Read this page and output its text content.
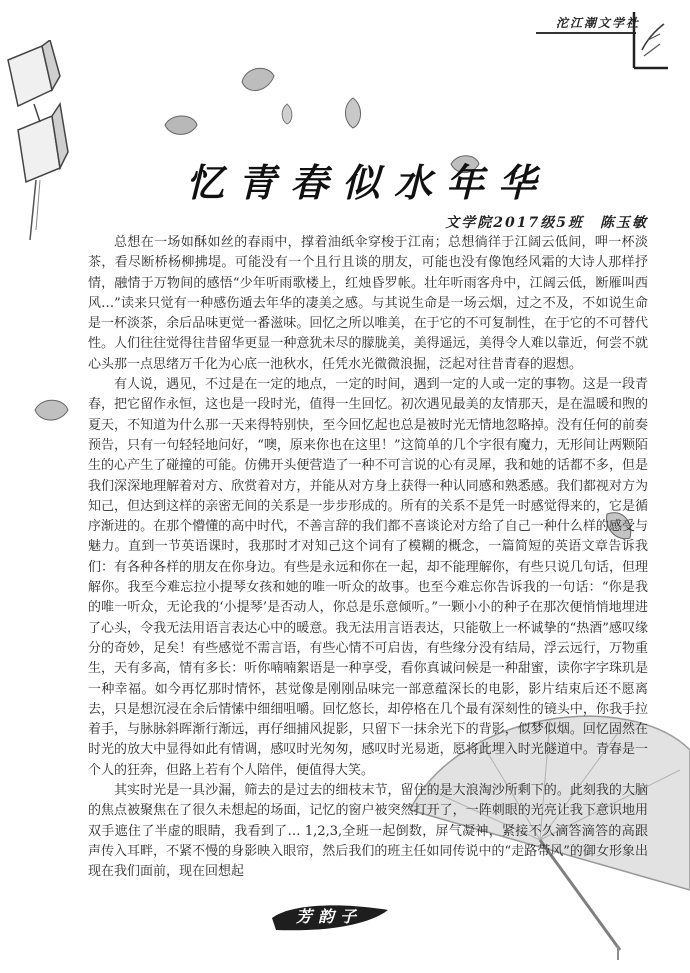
沱江潮文学社
忆青春似水年华
文学院2017级5班　陈玉敏

总想在一场如酥如丝的春雨中，撑着油纸伞穿梭于江南；总想徜徉于江阔云低间，呷一杯淡茶，看尽断桥杨柳拂堤。可能没有一个且行且谈的朋友，可能也没有像饱经风霜的大诗人那样抒情，融情于万物间的感悟“少年听雨歌楼上，红烛昏罗帐。壮年听雨客舟中，江阔云低，断雁叫西风…”读来只觉有一种感伤遁去年华的凄美之感。与其说生命是一场云烟，过之不及，不如说生命是一杯淡茶，余后品味更觉一番滋味。回忆之所以唯美，在于它的不可复制性，在于它的不可替代性。人们往往觉得往昔留华更显一种意犹未尽的朦胧美，美得遥远，美得令人难以靠近，何尝不就心头那一点思绪万千化为心底一池秋水，任凭水光微微浪掘，泛起对往昔青春的遐想。

有人说，遇见，不过是在一定的地点，一定的时间，遇到一定的人或一定的事物。这是一段青春，把它留作永恒，这也是一段时光，值得一生回忆。初次遇见最美的友情那天，是在温暖和煦的夏天，不知道为什么那一天来得特别快，至今回忆起也总是被时光无情地忽略掉。没有任何的前奏预告，只有一句轻轻地问好，“噢，原来你也在这里！”这简单的几个字很有魔力，无形间让两颗陌生的心产生了碰撞的可能。仿佛开头便营造了一种不可言说的心有灵犀，我和她的话都不多，但是我们深深地理解着对方、欣赏着对方，并能从对方身上获得一种认同感和熟悉感。我们都视对方为知己，但达到这样的亲密无间的关系是一步步形成的。所有的关系不是凭一时感觉得来的，它是循序渐进的。在那个懵懂的高中时代，不善言辞的我们都不喜谈论对方给了自己一种什么样的感受与魅力。直到一节英语课时，我那时才对知己这个词有了模糊的概念，一篇简短的英语文章告诉我们：有各种各样的朋友在你身边。有些是永远和你在一起，却不能理解你，有些只说几句话，但理解你。我至今难忘拉小提琴女孩和她的唯一听众的故事。也至今难忘你告诉我的一句话：“你是我的唯一听众，无论我的‘小提琴’是否动人，你总是乐意倾听。”一颗小小的种子在那次便悄悄地埋进了心头，令我无法用语言表达心中的暖意。我无法用言语表达，只能敬上一杯诚挚的“热酒”感叹缘分的奇妙，足矣！有些感觉不需言语，有些心情不可启齿，有些缘分没有结局，浮云远行，万物重生，天有多高，情有多长：听你喃喃絮语是一种享受，看你真诚问候是一种甜蜜，读你字字珠玑是一种幸福。如今再忆那时情怀，甚觉像是刚刚品味完一部意蕴深长的电影，影片结束后还不愿离去，只是想沉浸在余后情愫中细细咀嚼。回忆悠长，却停格在几个最有深刻性的镜头中，你我手拉着手，与脉脉斜晖渐行渐远，再仔细捕风捉影，只留下一抹余光下的背影，似梦似烟。回忆固然在时光的放大中显得如此有情调，感叹时光匆匆，感叹时光易逝，愿将此埋入时光隧道中。青春是一个人的狂奔，但路上若有个人陪伴，便值得大笑。

其实时光是一具沙漏，筛去的是过去的细枝末节，留住的是大浪淘沙所剩下的。此刻我的大脑的焦点被聚焦在了很久未想起的场面，记忆的窗户被突然打开了，一阵刺眼的光亮让我下意识地用双手遮住了半虚的眼睛，我看到了… 1,2,3,全班一起倒数，屏气凝神，紧接不久滴答滴答的高跟声传入耳畔，不紧不慢的身影映入眼帘，然后我们的班主任如同传说中的“走路带风”的御女形象出现在我们面前，现在回想起

芳韵子
